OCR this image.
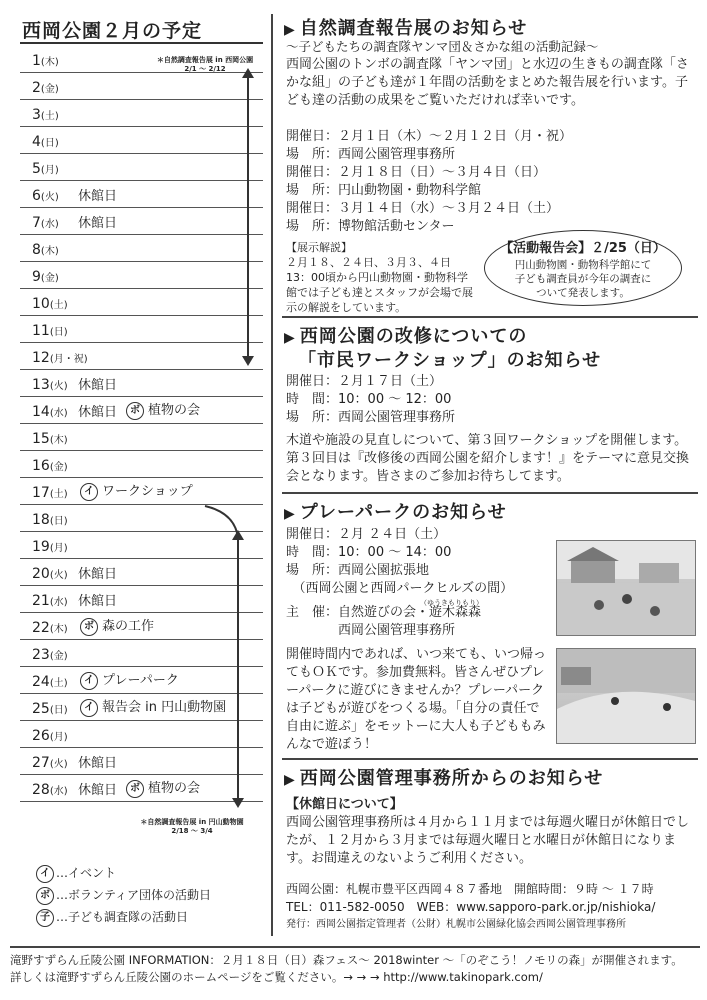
西岡公園２月の予定
1(木)
2(金)
3(土)
4(日)
5(月)
6(火) 休館日
7(水) 休館日
8(木)
9(金)
10(土)
11(日)
12(月・祝)
13(火) 休館日
14(水) 休館日	ボ 植物の会
15(木)
16(金)
17(土)	イ ワークショップ
18(日)
19(月)
20(火) 休館日
21(水) 休館日
22(木)	ボ 森の工作
23(金)
24(土)	イ プレーパーク
25(日)	イ 報告会 in 円山動物園
26(月)
27(火) 休館日
28(水) 休館日	ボ 植物の会
＊自然調査報告展 in 西岡公園
2/1 〜 2/12
＊自然調査報告展 in 円山動物園
2/18 〜 3/4
イ …イベント
ボ …ボランティア団体の活動日
子 …子ども調査隊の活動日
▶ 自然調査報告展のお知らせ
〜子どもたちの調査隊ヤンマ団＆さかな組の活動記録〜
西岡公園のトンボの調査隊「ヤンマ団」と水辺の生きもの調査隊「さかな組」の子ども達が１年間の活動をまとめた報告展を行います。子ども達の活動の成果をご覧いただければ幸いです。
開催日：２月１日（木）〜２月１２日（月・祝）
場　所：西岡公園管理事務所
開催日：２月１８日（日）〜３月４日（日）
場　所：円山動物園・動物科学館
開催日：３月１４日（水）〜３月２４日（土）
場　所：博物館活動センター
【展示解説】
２月１８、２４日、３月３、４日　13：00頃から円山動物園・動物科学館では子ども達とスタッフが会場で展示の解説をしています。
【活動報告会】２/25（日）
円山動物園・動物科学館にて子ども調査員が今年の調査について発表します。
▶ 西岡公園の改修についての
「市民ワークショップ」のお知らせ
開催日：２月１７日（土）
時　間：10：00 〜 12：00
場　所：西岡公園管理事務所
木道や施設の見直しについて、第３回ワークショップを開催します。第３回目は『改修後の西岡公園を紹介します！』をテーマに意見交換会となります。皆さまのご参加お待ちしてます。
▶ プレーパークのお知らせ
開催日：２月 ２４日（土）
時　間：10：00 〜 14：00
場　所：西岡公園拡張地
　（西岡公園と西岡パークヒルズの間）
（ゆうきもりもり）
主　催：自然遊びの会・遊木森森
　　　　西岡公園管理事務所
開催時間内であれば、いつ来ても、いつ帰ってもＯＫです。参加費無料。皆さんぜひプレーパークに遊びにきませんか？プレーパークは子どもが遊びをつくる場。「自分の責任で自由に遊ぶ」をモットーに大人も子どももみんなで遊ぼう！
▶ 西岡公園管理事務所からのお知らせ
【休館日について】
西岡公園管理事務所は４月から１１月までは毎週火曜日が休館日でしたが、１２月から３月までは毎週火曜日と水曜日が休館日になります。お間違えのないようご利用ください。
西岡公園：札幌市豊平区西岡４８７番地　開館時間：９時 〜 １７時
TEL：011-582-0050　WEB：www.sapporo-park.or.jp/nishioka/
発行：西岡公園指定管理者（公財）札幌市公園緑化協会西岡公園管理事務所
滝野すずらん丘陵公園 INFORMATION：２月１８日（日）森フェス〜 2018winter 〜「のぞこう！ノモリの森」が開催されます。
詳しくは滝野すずらん丘陵公園のホームページをご覧ください。→ → → http://www.takinopark.com/
